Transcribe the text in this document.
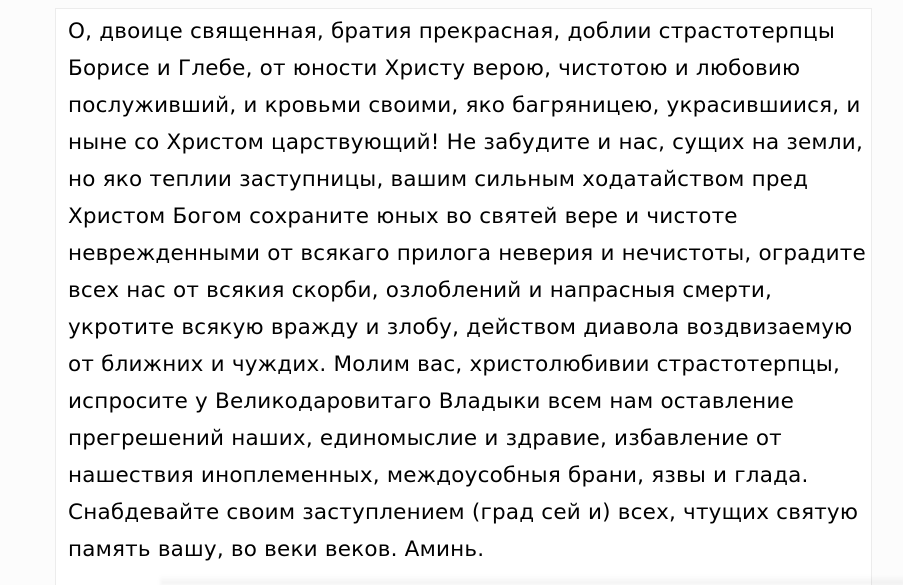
О, двоице священная, братия прекрасная, доблии страстотерпцы
Борисе и Глебе, от юности Христу верою, чистотою и любовию
послуживший, и кровьми своими, яко багряницею, украсившиися, и
ныне со Христом царствующий! Не забудите и нас, сущих на земли,
но яко теплии заступницы, вашим сильным ходатайством пред
Христом Богом сохраните юных во святей вере и чистоте
неврежденными от всякаго прилога неверия и нечистоты, оградите
всех нас от всякия скорби, озлоблений и напрасныя смерти,
укротите всякую вражду и злобу, действом диавола воздвизаемую
от ближних и чуждих. Молим вас, христолюбивии страстотерпцы,
испросите у Великодаровитаго Владыки всем нам оставление
прегрешений наших, единомыслие и здравие, избавление от
нашествия иноплеменных, междоусобныя брани, язвы и глада.
Снабдевайте своим заступлением (град сей и) всех, чтущих святую
память вашу, во веки веков. Аминь.
